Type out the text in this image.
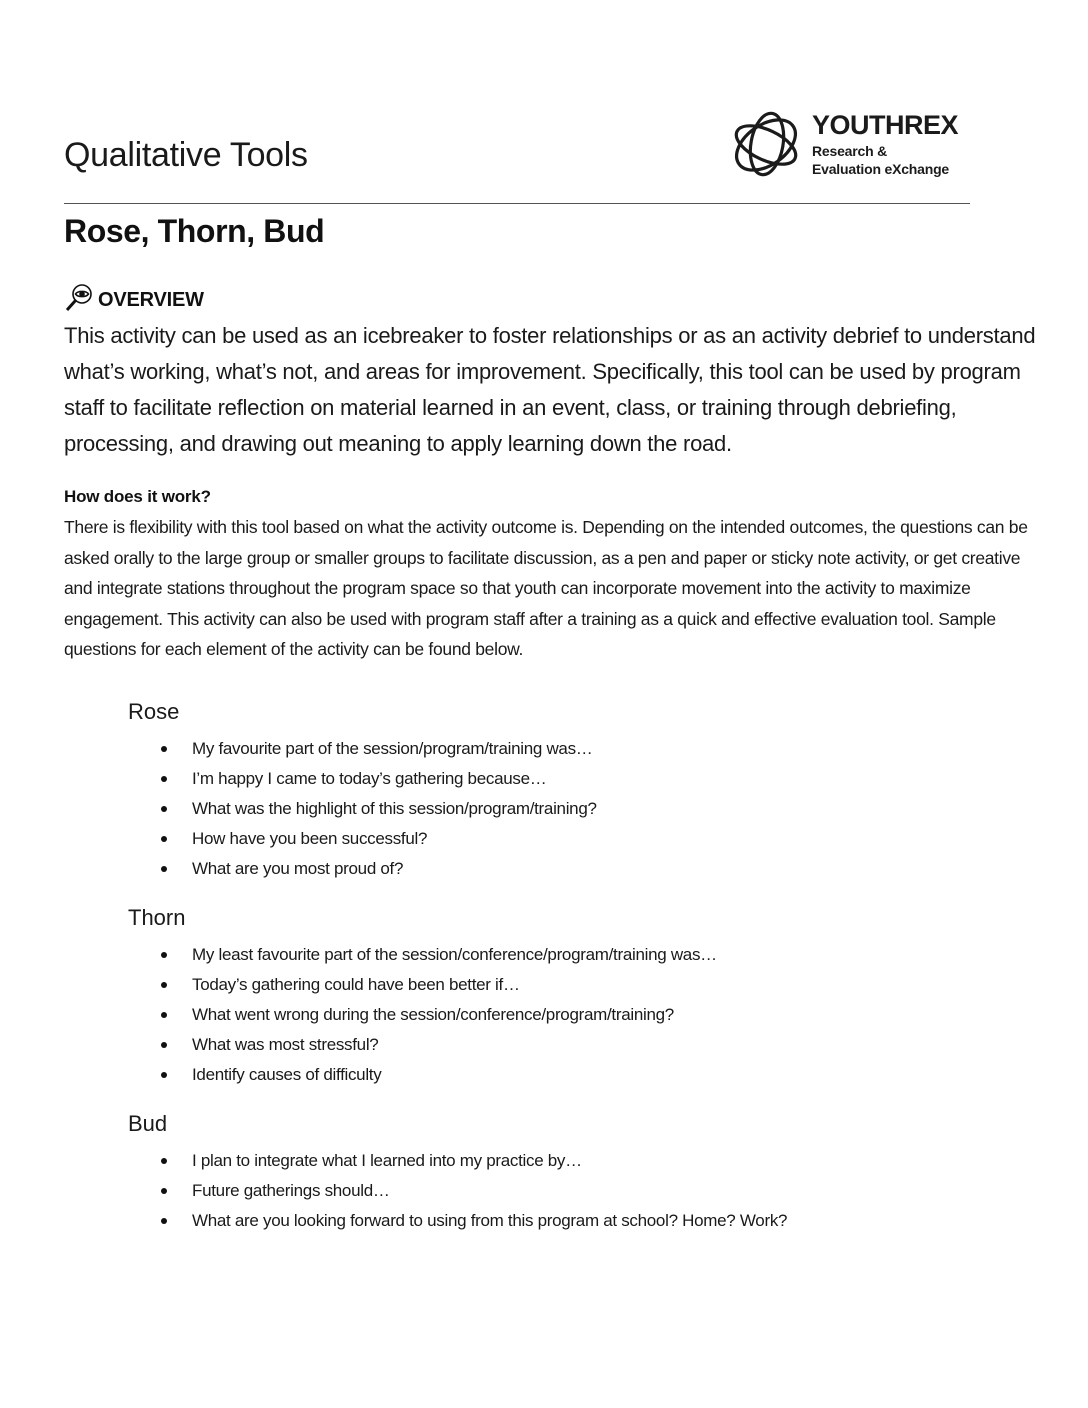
Qualitative Tools
YOUTHREX
Research &
Evaluation eXchange
Rose, Thorn, Bud
OVERVIEW

This activity can be used as an icebreaker to foster relationships or as an activity debrief to understand what’s working, what’s not, and areas for improvement. Specifically, this tool can be used by program staff to facilitate reflection on material learned in an event, class, or training through debriefing, processing, and drawing out meaning to apply learning down the road.

How does it work?

There is flexibility with this tool based on what the activity outcome is. Depending on the intended outcomes, the questions can be asked orally to the large group or smaller groups to facilitate discussion, as a pen and paper or sticky note activity, or get creative and integrate stations throughout the program space so that youth can incorporate movement into the activity to maximize engagement. This activity can also be used with program staff after a training as a quick and effective evaluation tool. Sample questions for each element of the activity can be found below.

Rose
My favourite part of the session/program/training was…
I’m happy I came to today’s gathering because…
What was the highlight of this session/program/training?
How have you been successful?
What are you most proud of?
Thorn
My least favourite part of the session/conference/program/training was…
Today’s gathering could have been better if…
What went wrong during the session/conference/program/training?
What was most stressful?
Identify causes of difficulty
Bud
I plan to integrate what I learned into my practice by…
Future gatherings should…
What are you looking forward to using from this program at school? Home? Work?
